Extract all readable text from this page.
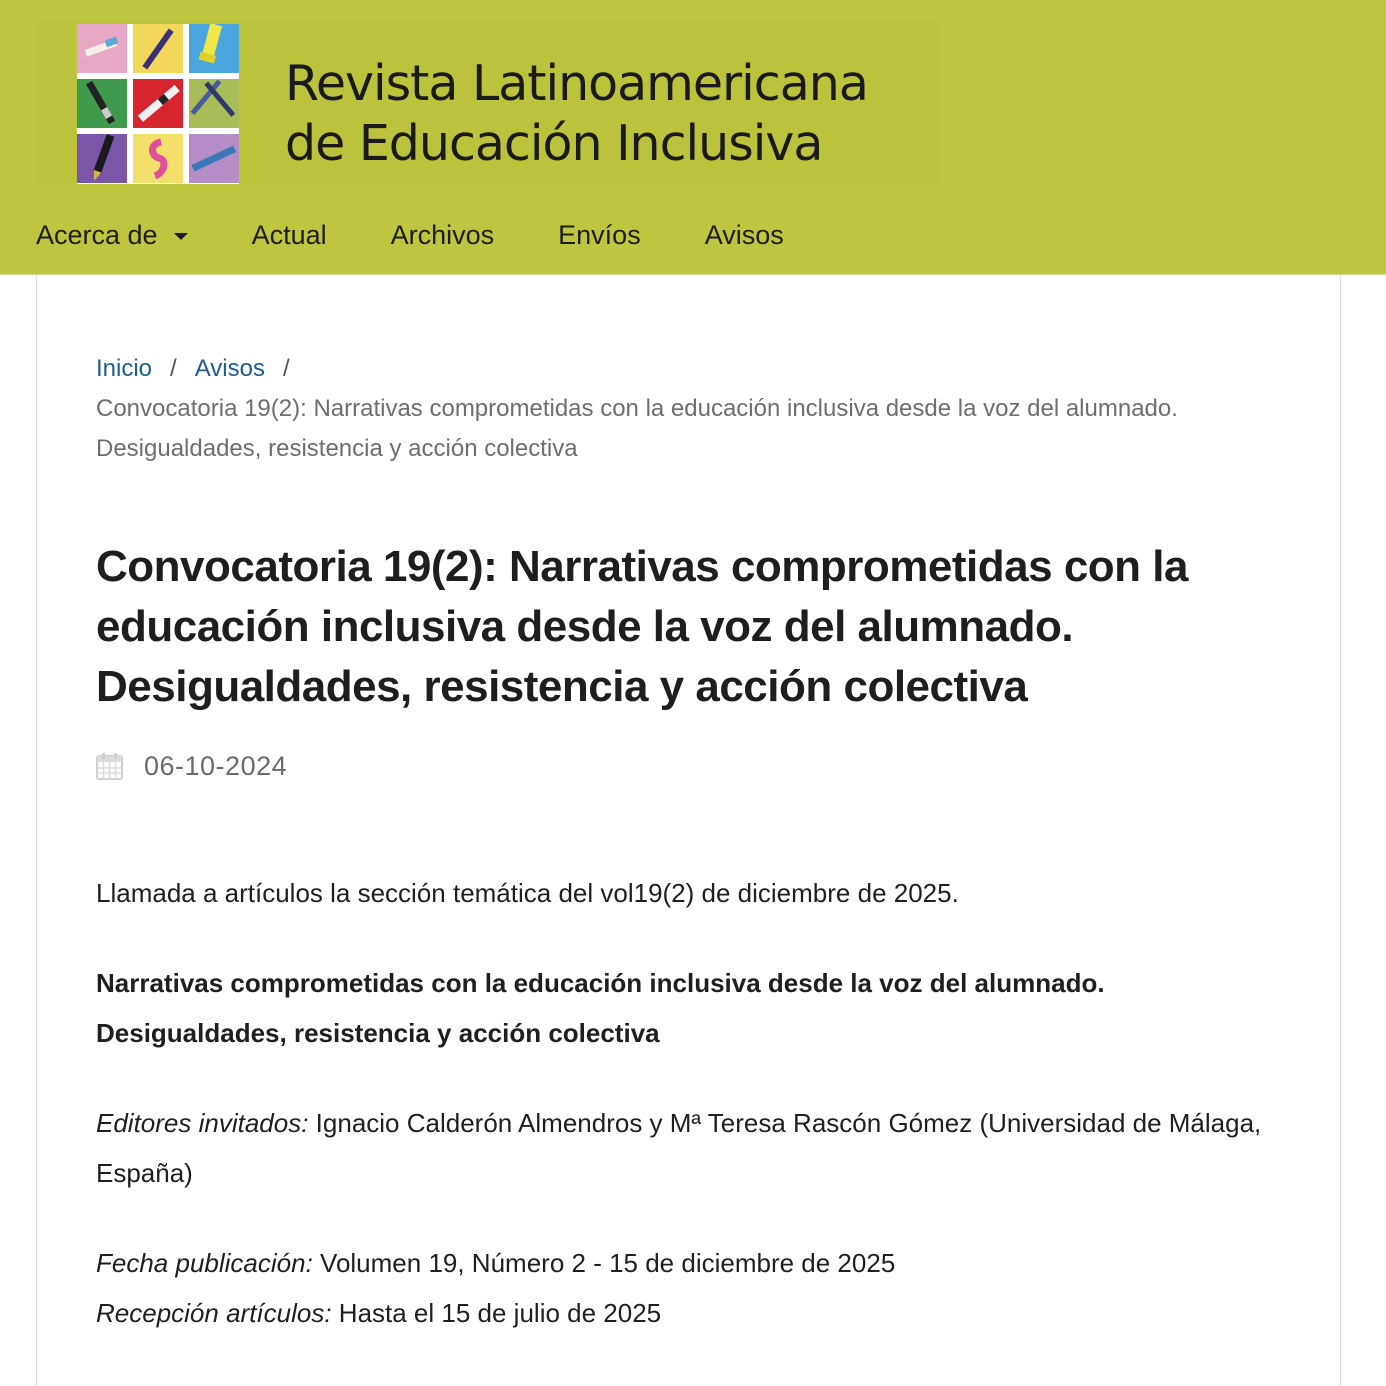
Revista Latinoamericana
de Educación Inclusiva
Acerca de	Actual Archivos Envíos Avisos
Inicio / Avisos /
Convocatoria 19(2): Narrativas comprometidas con la educación inclusiva desde la voz del alumnado. Desigualdades, resistencia y acción colectiva
Convocatoria 19(2): Narrativas comprometidas con la educación inclusiva desde la voz del alumnado. Desigualdades, resistencia y acción colectiva
06-10-2024
Llamada a artículos la sección temática del vol19(2) de diciembre de 2025.
Narrativas comprometidas con la educación inclusiva desde la voz del alumnado.
Desigualdades, resistencia y acción colectiva
Editores invitados: Ignacio Calderón Almendros y Mª Teresa Rascón Gómez (Universidad de Málaga, España)
Fecha publicación: Volumen 19, Número 2 - 15 de diciembre de 2025
Recepción artículos: Hasta el 15 de julio de 2025
